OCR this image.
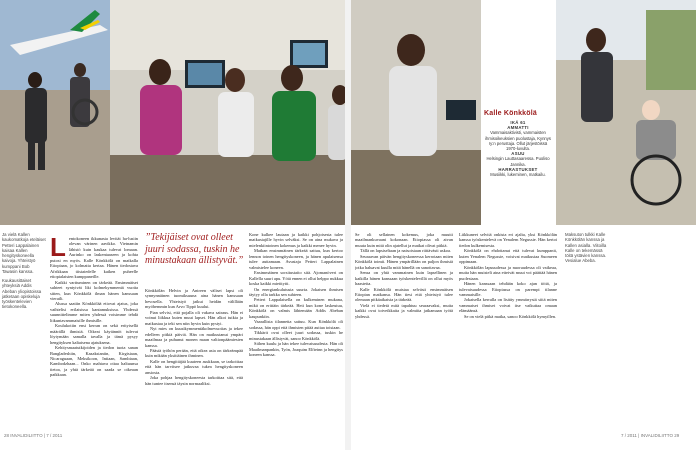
Ja vielä Kallen kaukomatkoja eteläiset Petteri Lappalainen kaisaa Kallen hengityskoneella kaivoja. Yhteistyö kumppani Bob Tawasin kanssa.
Kuukausittaiset yhteyksiä Addis Abeban yliopistoissa jatketaan opiskeluja työskentelevien tietokoneella.
L entokoneen ikkunasta levität ha-lusiin olevan värinen aavikko. Vietnamin lähistö kuin kaukaa tulevat lomaan. Aurinko on laskentaaseen ja kohta putosi en myös. Kalle Könkkölä on matkalla Etiopiaan, jo kolmatta kertaa. Hänen tiedostava Afrikkaan tiistaiedelle kaiken puheelle etiopialaisten kumppaneille.

Kaikki varttuminen on tärkeää. Ensimmäiset suhteet syntyivät liki kolmekymmentä vuotta sitten, kun Könkkölä ilman hänen kanssaan vieraili.

Alussa saatiin Könkkölää etiovat ajatus, joka vaihtelisi erilaisissa kantamuksissa. Yhdessä suunnittelimme miten yhdessä voisimme tehdä liikuntavammaisille ihmisille.

Koulukotiin ensi kerran on sekä erityisellä määrällä ihmisiä. Oikeat käytännöt tulevat löytymään samalla tavalla ja tämä pysyy hengityksen kaltaisena ajatuksena.

Kehitysmaatutkijoiden ja tiedon tuota sanan Bangladeshiin, Kazakstaniin, Kirgisiaan, Nicaraguaan, Meksikoon, Intiaan, Sambiaan, Kambodzhaan... Onko mahtava ottaa haltuunsa tietoa, ja yhtä tärkeää on saada se oikeaan paikkaan.

”Tekijäiset ovat olleet juuri sodassa, tuskin he minustakaan ällistyvät.”

Könkkölän Helvin ja Antreen väliset lapsi oli synnynnäinen tuomiksuuna aina hänen kanssaan hevosella. Yhteistyö jatkui heidän välillään myöhemmin kun Arvo Tippö kuului.

Pian selvisi, että pojalla oli vakava sairaus. Hän ei voinut liikkua kuten muut lapset. Hän alkoi tutkia ja matkustaa ja teki sen niin hyvin kuin pystyi.

Nyt mies on kuusikymmentäkolmevuotias ja tekee edelleen pitkiä päiviä. Hän on matkustanut ympäri maailmaa ja puhunut monen maan valtionpäämiesten kanssa.

Päästä työhön perään, että oikea asia on tärkeämpää kuin mikään yksittäinen ihminen.

Kalle on hengittäjää kuuteen asukkaan, se tarkoittaa että hän tarvitsee jatkuvaa tukea hengityskoneen ansiosta.

Joka pohjaa hengityskoneesta tarkoittaa sitä, että hän tuntee itsensä täysin normaaliksi.

Kone kulkee lautaan ja kaikki pohjoisesta tulee matkustajille hyvin selväksi. Se on aina mukava ja mielenkiintoinen kokemus ja kaikki menee hyvin.

Matkan ensimmäinen tärkeää sattuu, kun kertoo lennon toinen hengityskoneen, ja hänen apulaisensa tulee auttamaan. Avustaja Petteri Lappalainen valmistelee koneen.

Ensimmäinen sorsitustaito sitä. Ajomanöveri on Kallella suuri apu. Yötä ennen ei ollut helppo nukkua koska kaikki mietitytti.

On energiankulutusta suurta. Jokaisen ihmisen täytyy olla tarkka sen suhteen.

Petteri Lappalaisella on kulkeminen mukana, mikä on erittäin tärkeää. Heti kun kone laskeutuu, Könkkölä on valmis lähtemään Addis Abeban kaupunkiin.

Vaarallista tilannetta sattuu. Kun Könkkölä oli sodassa, hän oppi että ihmisten pitää auttaa toisiaan.

Tikkärit ovat olleet juuri sodassa, tuskin he minustakaan ällistyvät, sanoo Könkkölä.

Siihen kuulu ja hän tekee tulevaisuudesta. Hän oli Maailmanpankin, Työn, Joaquim Elfteinn ja hengitys koneen kanssa.

28 INVALIDILIITTO | 7 / 2011
Kalle Könkkölä
IKÄ 61
AMMATTI
Vammaisaktivisti, vammaisten ihmisoikeuksien puolustaja, Kynnys ry:n perustaja. Ollut järjestöissä 1970-luvulta.
ASUU
Helsingin Lauttasaaressa. Puoliso Jannika.
HARRASTUKSET
Musiikki, lukeminen, matkailu.

Se oli sellainen kokemus, joka muutti maailmankuvaani kokonaan. Etiopiassa oli aivan muuta kuin mitä olin ajatellut ja matkat olivat pitkiä.

Tällä on lapsiseltaan ja naisoistaan riittävästi uskoa.

Seuraavan päivän hengityskoneessa kerrotaan miten Könkkölä toimii. Hänen ympärillään on paljon ihmisiä jotka haluavat kuulla mitä hänellä on sanottavaa.

Sensa on yhtä vammainen kuin lapsellinen ja kaikilla hänen kanssaan työskentelevillä on ollut myös haasteita.

Kalle Könkkölä muistaa selvästi ensimmäisen Etiopian matkansa. Hän tiesi että yhteistyö tulee olemaan pitkäaikaista ja tärkeää.

Vielä ei tiedetä mitä tapahtuu seuraavaksi, mutta kaikki ovat toiveikkaita ja valmiita jatkamaan työtä yhdessä.

Liikkuneet selvitä onkista eri ajalta, yksi Könkkölän kanssa työskentelevä on Yenalem Negussie. Hän kertoi tiedon kulkemisesta.

Könkkölä on ehdottanut että tulevat kumppanit, kuten Yenalem Negussie, voisivat matkustaa Suomeen oppimaan.

Könkkölän lapsuudessa ja nuoruudessa oli vaikeaa, mutta hän muisteli aina etteivät muut voi päättää hänen puolestaan.

Hänen kanssaan tehdään koko ajan töitä, ja tulevaisuudessa Etiopiassa on parempi tilanne vammaisille.

Jokaisella kerralla on lisätty ymmärrystä siitä miten vammaiset ihmiset voivat itse vaikuttaa omaan elämäänsä.

Se on vielä pitkä matka, sanoo Könkkölä hymyillen.

Maksuton tulkki Kalle Könkkölän kanssa ja Kallen asialla. Viitoilla Kalle on tekemässä töitä ystävien kanssa. Vesialue Abeba.
7 / 2011 | INVALIDILIITTO 29
